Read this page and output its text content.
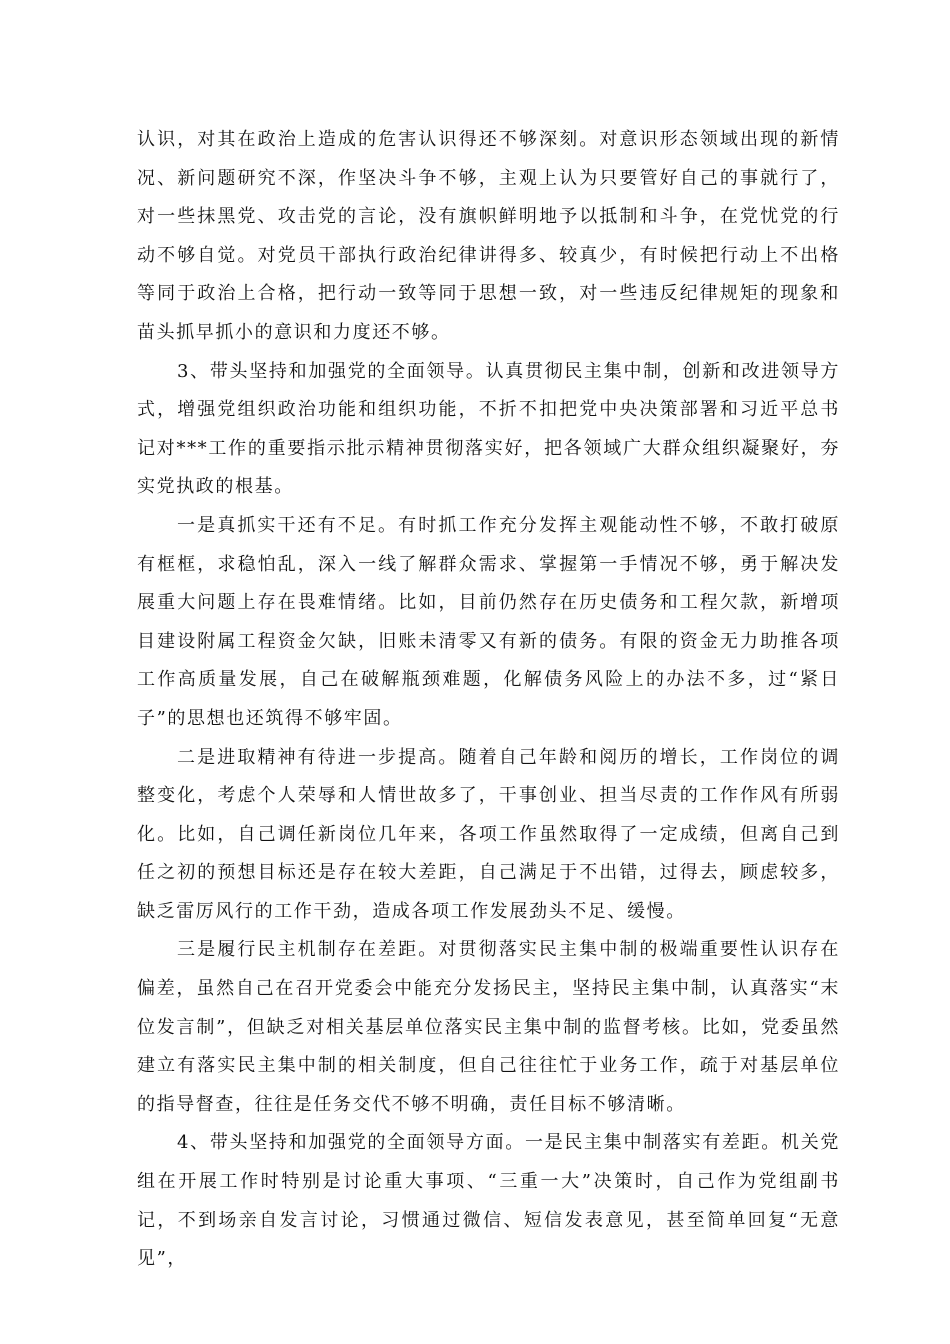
认识，对其在政治上造成的危害认识得还不够深刻。对意识形态领域出现的新情况、新问题研究不深，作坚决斗争不够，主观上认为只要管好自己的事就行了，对一些抹黑党、攻击党的言论，没有旗帜鲜明地予以抵制和斗争，在党忧党的行动不够自觉。对党员干部执行政治纪律讲得多、较真少，有时候把行动上不出格等同于政治上合格，把行动一致等同于思想一致，对一些违反纪律规矩的现象和苗头抓早抓小的意识和力度还不够。

3、带头坚持和加强党的全面领导。认真贯彻民主集中制，创新和改进领导方式，增强党组织政治功能和组织功能，不折不扣把党中央决策部署和习近平总书记对***工作的重要指示批示精神贯彻落实好，把各领域广大群众组织凝聚好，夯实党执政的根基。

一是真抓实干还有不足。有时抓工作充分发挥主观能动性不够，不敢打破原有框框，求稳怕乱，深入一线了解群众需求、掌握第一手情况不够，勇于解决发展重大问题上存在畏难情绪。比如，目前仍然存在历史债务和工程欠款，新增项目建设附属工程资金欠缺，旧账未清零又有新的债务。有限的资金无力助推各项工作高质量发展，自己在破解瓶颈难题，化解债务风险上的办法不多，过“紧日子”的思想也还筑得不够牢固。

二是进取精神有待进一步提高。随着自己年龄和阅历的增长，工作岗位的调整变化，考虑个人荣辱和人情世故多了，干事创业、担当尽责的工作作风有所弱化。比如，自己调任新岗位几年来，各项工作虽然取得了一定成绩，但离自己到任之初的预想目标还是存在较大差距，自己满足于不出错，过得去，顾虑较多，缺乏雷厉风行的工作干劲，造成各项工作发展劲头不足、缓慢。

三是履行民主机制存在差距。对贯彻落实民主集中制的极端重要性认识存在偏差，虽然自己在召开党委会中能充分发扬民主，坚持民主集中制，认真落实“末位发言制”，但缺乏对相关基层单位落实民主集中制的监督考核。比如，党委虽然建立有落实民主集中制的相关制度，但自己往往忙于业务工作，疏于对基层单位的指导督查，往往是任务交代不够不明确，责任目标不够清晰。

4、带头坚持和加强党的全面领导方面。一是民主集中制落实有差距。机关党组在开展工作时特别是讨论重大事项、“三重一大”决策时，自己作为党组副书记，不到场亲自发言讨论，习惯通过微信、短信发表意见，甚至简单回复“无意见”，
